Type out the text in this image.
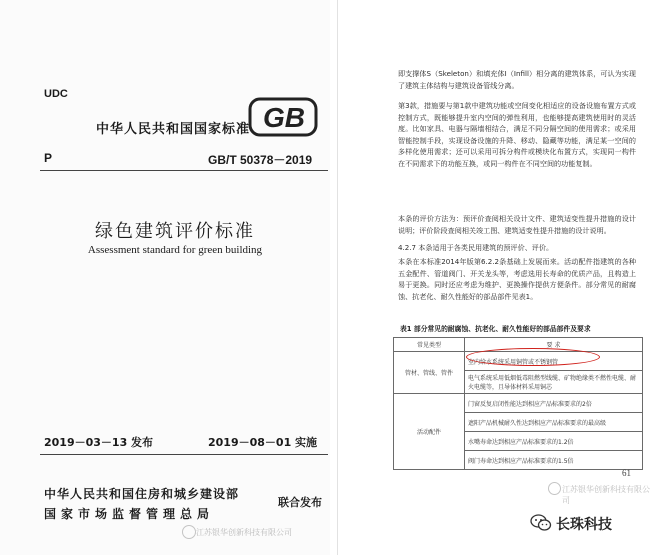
UDC
中华人民共和国国家标准 GB
P	GB/T 50378－2019
绿色建筑评价标准
Assessment standard for green building
2019－03－13 发布	2019－08－01 实施
中华人民共和国住房和城乡建设部
国家市场监督管理总局
联合发布
江苏银华创新科技有限公司
即支撑体S（Skeleton）和填充体I（Infill）相分离的建筑体系，可认为实现了建筑主体结构与建筑设备管线分离。
第3款，措施要与第1款中建筑功能或空间变化相适应的设备设施布置方式或控制方式，既能够提升室内空间的弹性利用，也能够提高建筑使用时的灵活度。比如家具、电器与隔墙相结合，满足不同分隔空间的使用需求；或采用智能控制手段，实现设备设施的升降、移动、隐藏等功能，满足某一空间的多样化使用需求；还可以采用可拆分构件或模块化布置方式，实现同一构件在不同需求下的功能互换，或同一构件在不同空间的功能复制。
本条的评价方法为：预评价查阅相关设计文件、建筑适变性提升措施的设计说明；评价阶段查阅相关竣工图、建筑适变性提升措施的设计说明。
4.2.7 本条适用于各类民用建筑的预评价、评价。
本条在本标准2014年版第6.2.2条基础上发展而来。活动配件指建筑的各种五金配件、管道阀门、开关龙头等，考虑选用长寿命的优质产品，且构造上易于更换。同时还应考虑为维护、更换操作提供方便条件。部分常见的耐腐蚀、抗老化、耐久性能好的部品部件见表1。
表1 部分常见的耐腐蚀、抗老化、耐久性能好的部品部件及要求
常见类型	要 求
管材、管线、管件	室内给水系统采用铜管或不锈钢管
	电气系统采用低烟低毒阻燃型线缆、矿物绝缘类不燃性电缆、耐火电缆等，且导体材料采用铜芯
活动配件	门窗反复启闭性能达到相应产品标准要求的2倍
	遮阳产品机械耐久性达到相应产品标准要求的最高级
	水嘴寿命达到相应产品标准要求的1.2倍
	阀门寿命达到相应产品标准要求的1.5倍
61
江苏银华创新科技有限公司
长珠科技
